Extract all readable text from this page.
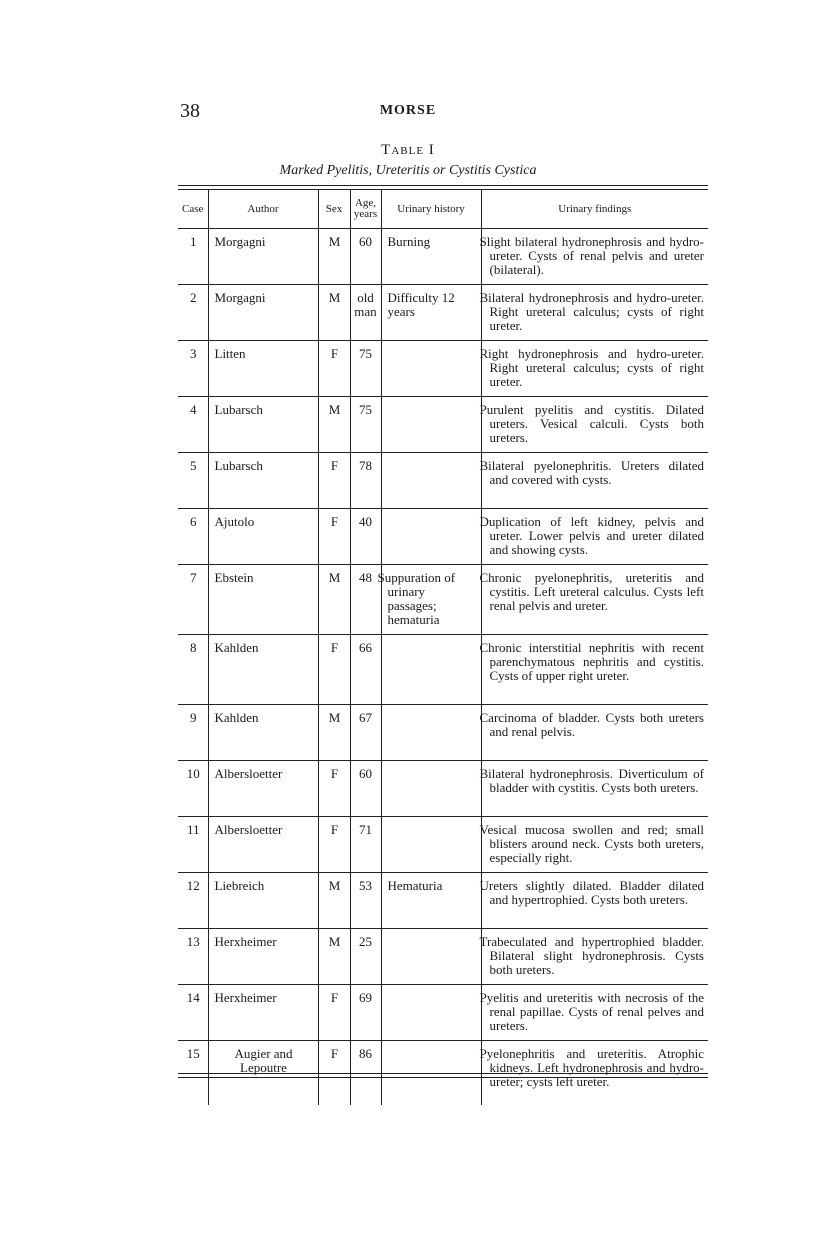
38	MORSE
Table I
Marked Pyelitis, Ureteritis or Cystitis Cystica
Case	Author	Sex	Age, years	Urinary history	Urinary findings
1	Morgagni	M	60	Burning	Slight bilateral hydronephrosis and hydro-ureter. Cysts of renal pelvis and ureter (bilateral).
2	Morgagni	M	old man	Difficulty 12 years	Bilateral hydronephrosis and hydro-ureter. Right ureteral calculus; cysts of right ureter.
3	Litten	F	75		Right hydronephrosis and hydro-ureter. Right ureteral calculus; cysts of right ureter.
4	Lubarsch	M	75		Purulent pyelitis and cystitis. Dilated ureters. Vesical calculi. Cysts both ureters.
5	Lubarsch	F	78		Bilateral pyelonephritis. Ureters dilated and covered with cysts.
6	Ajutolo	F	40		Duplication of left kidney, pelvis and ureter. Lower pelvis and ureter dilated and showing cysts.
7	Ebstein	M	48	Suppuration of urinary passages; hematuria	Chronic pyelonephritis, ureteritis and cystitis. Left ureteral calculus. Cysts left renal pelvis and ureter.
8	Kahlden	F	66		Chronic interstitial nephritis with recent parenchymatous nephritis and cystitis. Cysts of upper right ureter.
9	Kahlden	M	67		Carcinoma of bladder. Cysts both ureters and renal pelvis.
10	Albersloetter	F	60		Bilateral hydronephrosis. Diverticulum of bladder with cystitis. Cysts both ureters.
11	Albersloetter	F	71		Vesical mucosa swollen and red; small blisters around neck. Cysts both ureters, especially right.
12	Liebreich	M	53	Hematuria	Ureters slightly dilated. Bladder dilated and hypertrophied. Cysts both ureters.
13	Herxheimer	M	25		Trabeculated and hypertrophied bladder. Bilateral slight hydronephrosis. Cysts both ureters.
14	Herxheimer	F	69		Pyelitis and ureteritis with necrosis of the renal papillae. Cysts of renal pelves and ureters.
15	Augier and Lepoutre	F	86		Pyelonephritis and ureteritis. Atrophic kidneys. Left hydronephrosis and hydro-ureter; cysts left ureter.
